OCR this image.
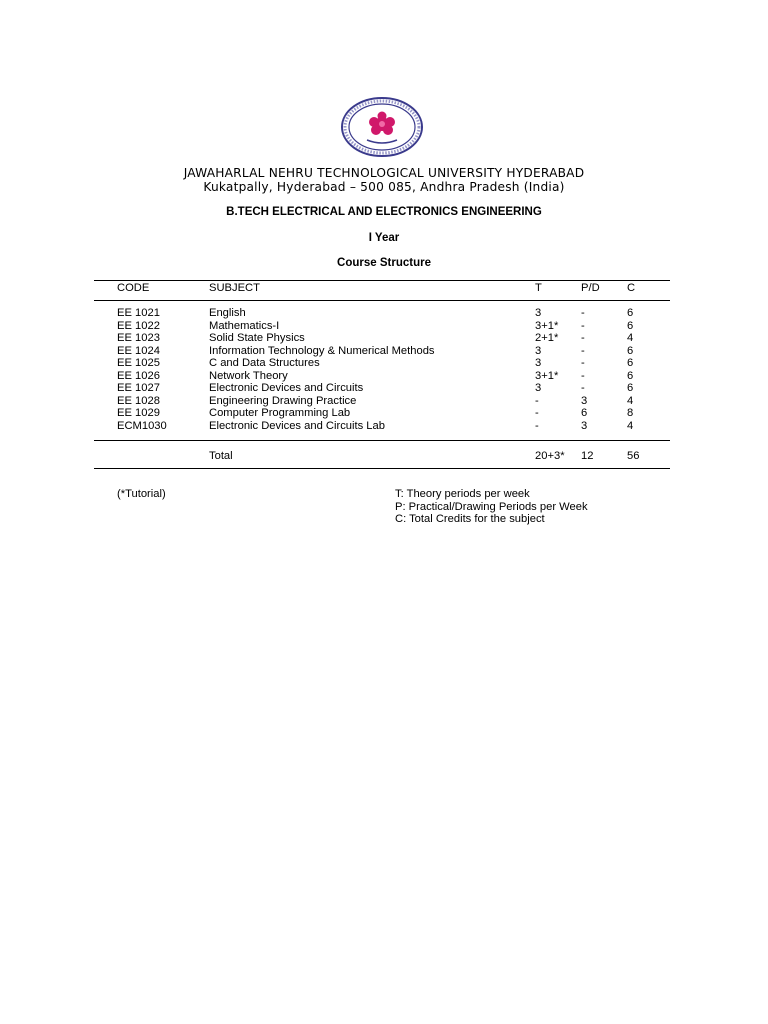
JAWAHARLAL NEHRU TECHNOLOGICAL UNIVERSITY HYDERABAD
Kukatpally, Hyderabad – 500 085, Andhra Pradesh (India)
B.TECH ELECTRICAL AND ELECTRONICS ENGINEERING
I Year
Course Structure
CODE	SUBJECT	T	P/D C
EE 1021	English	3	-	6
EE 1022	Mathematics-I	3+1* -	6
EE 1023	Solid State Physics	2+1* -	4
EE 1024	Information Technology & Numerical Methods	3	-	6
EE 1025	C and Data Structures	3	-	6
EE 1026	Network Theory	3+1* -	6
EE 1027	Electronic Devices and Circuits	3	-	6
EE 1028	Engineering Drawing Practice	-	3	4
EE 1029	Computer Programming Lab	-	6	8
ECM1030	Electronic Devices and Circuits Lab	-	3	4
Total	20+3* 12	56
(*Tutorial)	T: Theory periods per week
P: Practical/Drawing Periods per Week
C: Total Credits for the subject
